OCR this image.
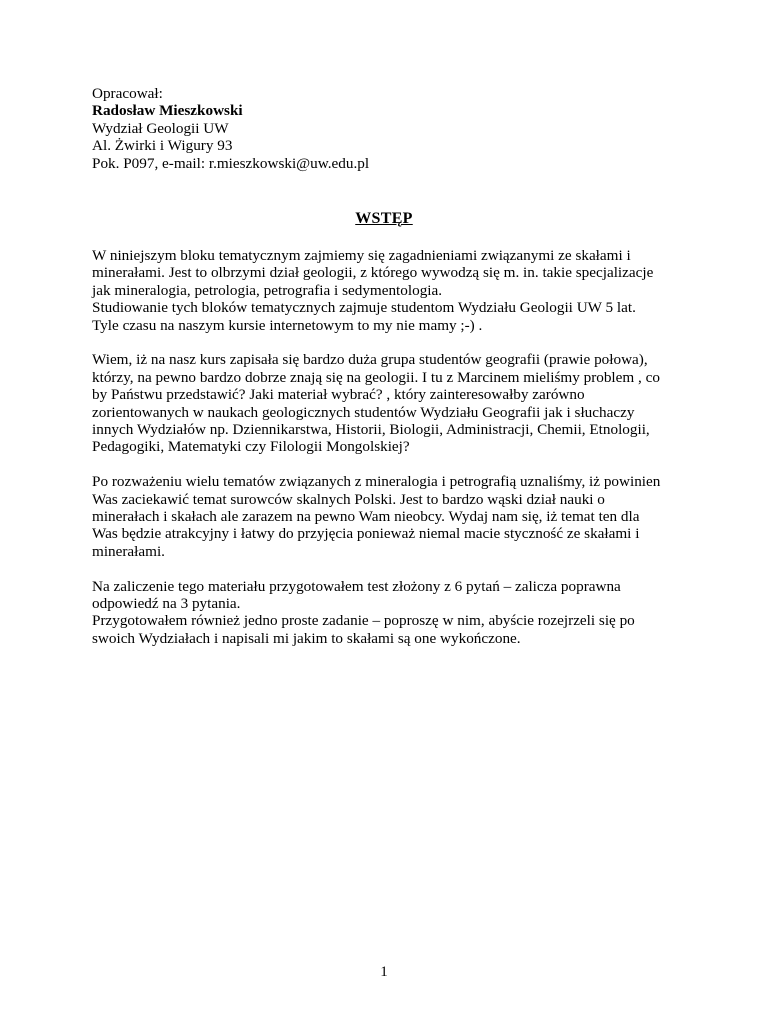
Opracował:
Radosław Mieszkowski
Wydział Geologii UW
Al. Żwirki i Wigury 93
Pok. P097, e-mail: r.mieszkowski@uw.edu.pl
WSTĘP
W niniejszym bloku tematycznym zajmiemy się zagadnieniami związanymi ze skałami i
minerałami. Jest to olbrzymi dział geologii, z którego wywodzą się m. in. takie specjalizacje
jak mineralogia, petrologia, petrografia i sedymentologia.
Studiowanie tych bloków tematycznych zajmuje studentom Wydziału Geologii UW 5 lat.
Tyle czasu na naszym kursie internetowym to my nie mamy ;-) .
Wiem, iż na nasz kurs zapisała się bardzo duża grupa studentów geografii (prawie połowa),
którzy, na pewno bardzo dobrze znają się na geologii. I tu z Marcinem mieliśmy problem , co
by Państwu przedstawić? Jaki materiał wybrać? , który zainteresowałby zarówno
zorientowanych w naukach geologicznych studentów Wydziału Geografii jak i słuchaczy
innych Wydziałów np. Dziennikarstwa, Historii, Biologii, Administracji, Chemii, Etnologii,
Pedagogiki, Matematyki czy Filologii Mongolskiej?
Po rozważeniu wielu tematów związanych z mineralogia i petrografią uznaliśmy, iż powinien
Was zaciekawić temat surowców skalnych Polski. Jest to bardzo wąski dział nauki o
minerałach i skałach ale zarazem na pewno Wam nieobcy. Wydaj nam się, iż temat ten dla
Was będzie atrakcyjny i łatwy do przyjęcia ponieważ niemal macie styczność ze skałami i
minerałami.
Na zaliczenie tego materiału przygotowałem test złożony z 6 pytań – zalicza poprawna
odpowiedź na 3 pytania.
Przygotowałem również jedno proste zadanie – poproszę w nim, abyście rozejrzeli się po
swoich Wydziałach i napisali mi jakim to skałami są one wykończone.
1
